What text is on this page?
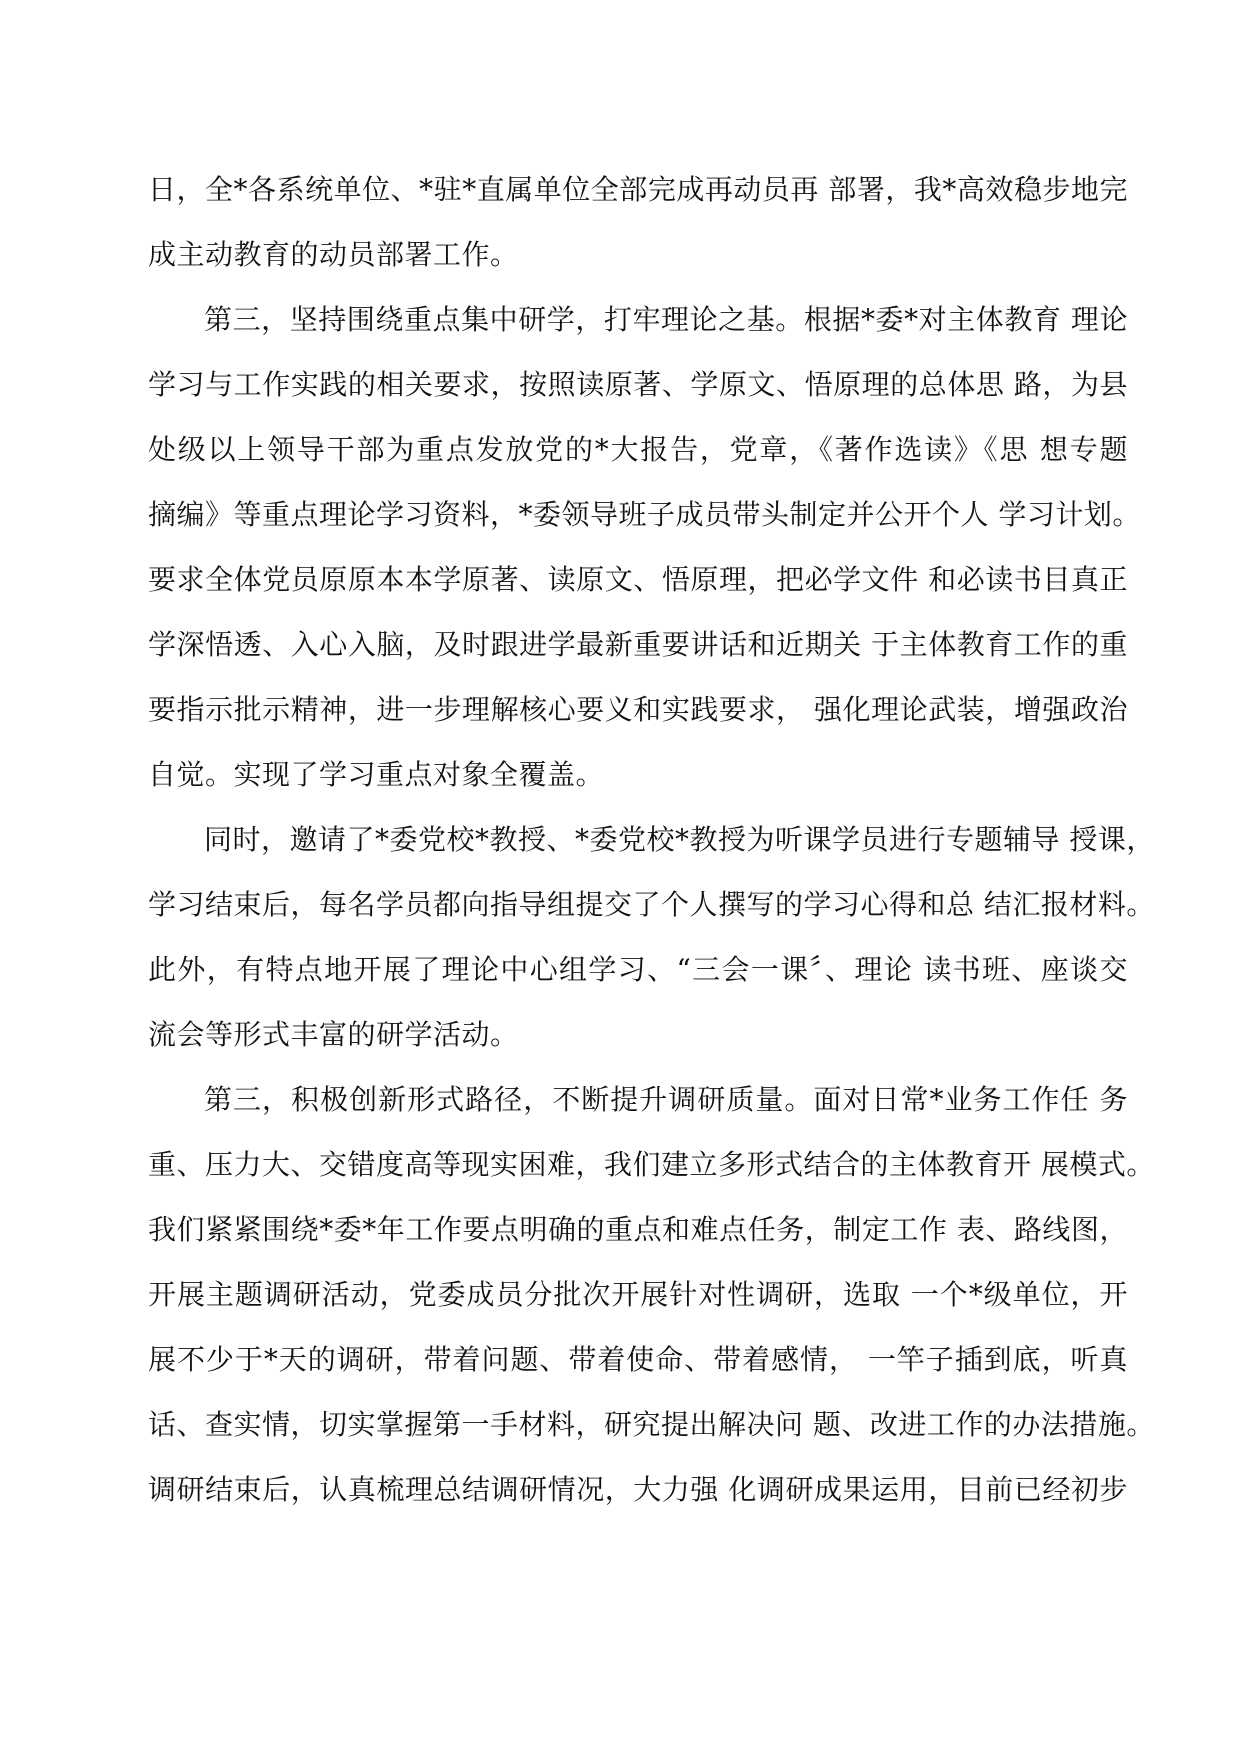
日，全*各系统单位、*驻*直属单位全部完成再动员再 部署，我*高效稳步地完
成主动教育的动员部署工作。
第三，坚持围绕重点集中研学，打牢理论之基。根据*委*对主体教育 理论
学习与工作实践的相关要求，按照读原著、学原文、悟原理的总体思 路，为县
处级以上领导干部为重点发放党的*大报告，党章，《著作选读》《思 想专题
摘编》等重点理论学习资料，*委领导班子成员带头制定并公开个人 学习计划。
要求全体党员原原本本学原著、读原文、悟原理，把必学文件 和必读书目真正
学深悟透、入心入脑，及时跟进学最新重要讲话和近期关 于主体教育工作的重
要指示批示精神，进一步理解核心要义和实践要求， 强化理论武装，增强政治
自觉。实现了学习重点对象全覆盖。
同时，邀请了*委党校*教授、*委党校*教授为听课学员进行专题辅导 授课，
学习结束后，每名学员都向指导组提交了个人撰写的学习心得和总 结汇报材料。
此外，有特点地开展了理论中心组学习、“三会一课〞、理论 读书班、座谈交
流会等形式丰富的研学活动。
第三，积极创新形式路径，不断提升调研质量。面对日常*业务工作任 务
重、压力大、交错度高等现实困难，我们建立多形式结合的主体教育开 展模式。
我们紧紧围绕*委*年工作要点明确的重点和难点任务，制定工作 表、路线图，
开展主题调研活动，党委成员分批次开展针对性调研，选取 一个*级单位，开
展不少于*天的调研，带着问题、带着使命、带着感情， 一竿子插到底，听真
话、查实情，切实掌握第一手材料，研究提出解决问 题、改进工作的办法措施。
调研结束后，认真梳理总结调研情况，大力强 化调研成果运用，目前已经初步
